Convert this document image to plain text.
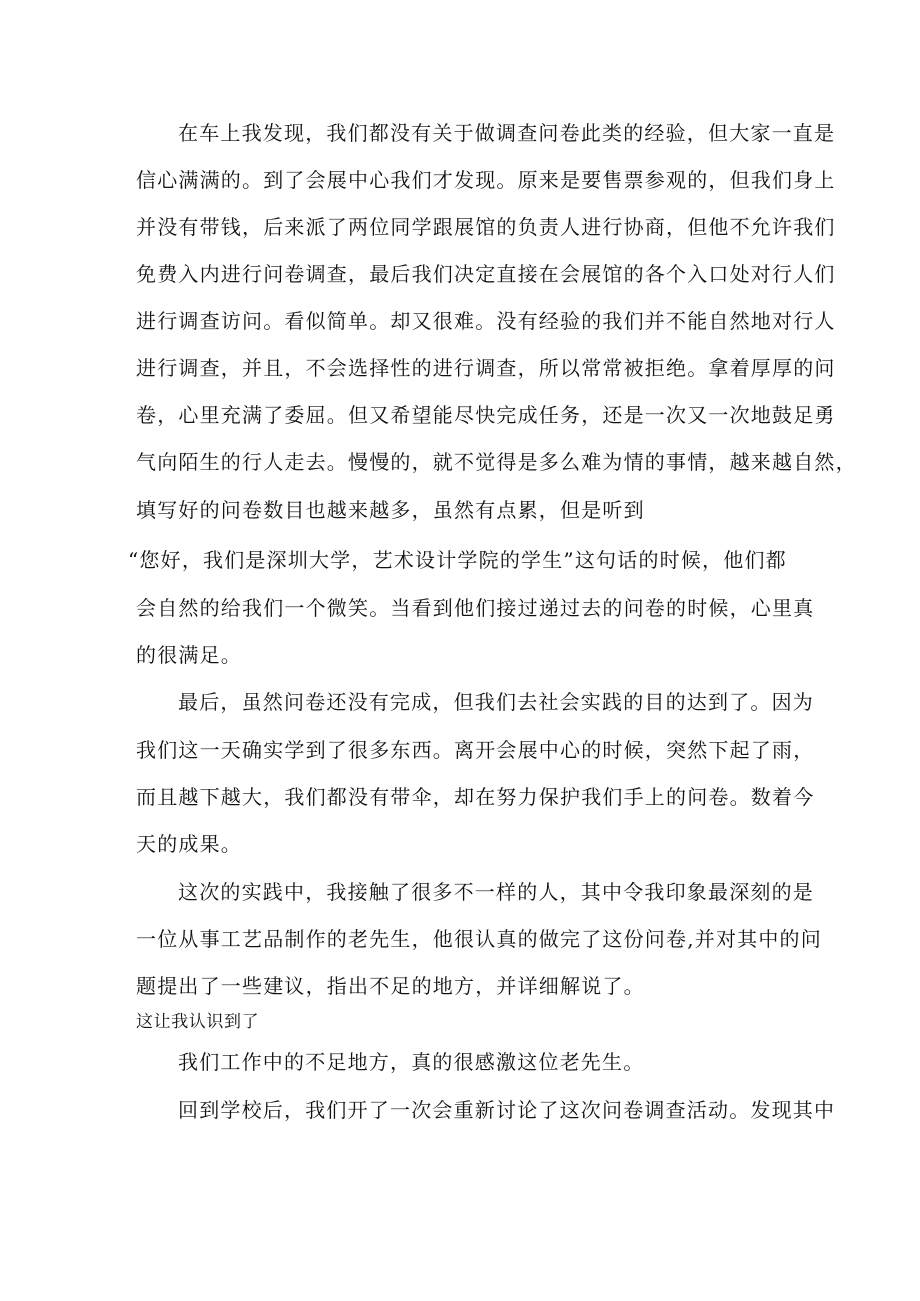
在车上我发现，我们都没有关于做调查问卷此类的经验，但大家一直是
信心满满的。到了会展中心我们才发现。原来是要售票参观的，但我们身上
并没有带钱，后来派了两位同学跟展馆的负责人进行协商，但他不允许我们
免费入内进行问卷调查，最后我们决定直接在会展馆的各个入口处对行人们
进行调查访问。看似简单。却又很难。没有经验的我们并不能自然地对行人
进行调查，并且，不会选择性的进行调查，所以常常被拒绝。拿着厚厚的问
卷，心里充满了委屈。但又希望能尽快完成任务，还是一次又一次地鼓足勇
气向陌生的行人走去。慢慢的，就不觉得是多么难为情的事情，越来越自然，
填写好的问卷数目也越来越多，虽然有点累，但是听到
“您好，我们是深圳大学，艺术设计学院的学生”这句话的时候，他们都
会自然的给我们一个微笑。当看到他们接过递过去的问卷的时候，心里真
的很满足。
最后，虽然问卷还没有完成，但我们去社会实践的目的达到了。因为
我们这一天确实学到了很多东西。离开会展中心的时候，突然下起了雨，
而且越下越大，我们都没有带伞，却在努力保护我们手上的问卷。数着今
天的成果。
这次的实践中，我接触了很多不一样的人，其中令我印象最深刻的是
一位从事工艺品制作的老先生，他很认真的做完了这份问卷,并对其中的问
题提出了一些建议，指出不足的地方，并详细解说了。
这让我认识到了
我们工作中的不足地方，真的很感激这位老先生。
回到学校后，我们开了一次会重新讨论了这次问卷调查活动。发现其中
